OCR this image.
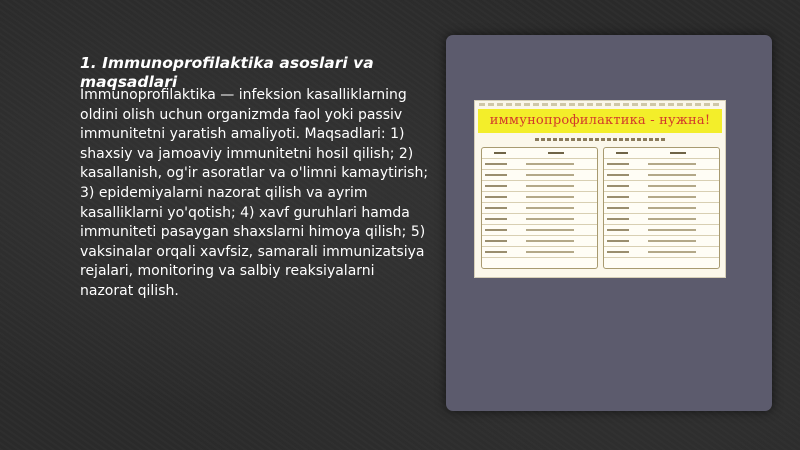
1. Immunoprofilaktika asoslari va
maqsadlari

Immunoprofilaktika — infeksion kasalliklarning oldini olish uchun organizmda faol yoki passiv immunitetni yaratish amaliyoti. Maqsadlari: 1) shaxsiy va jamoaviy immunitetni hosil qilish; 2) kasallanish, og'ir asoratlar va o'limni kamaytirish; 3) epidemiyalarni nazorat qilish va ayrim kasalliklarni yo'qotish; 4) xavf guruhlari hamda immuniteti pasaygan shaxslarni himoya qilish; 5) vaksinalar orqali xavfsiz, samarali immunizatsiya rejalari, monitoring va salbiy reaksiyalarni nazorat qilish.

иммунопрофилактика - нужна!
